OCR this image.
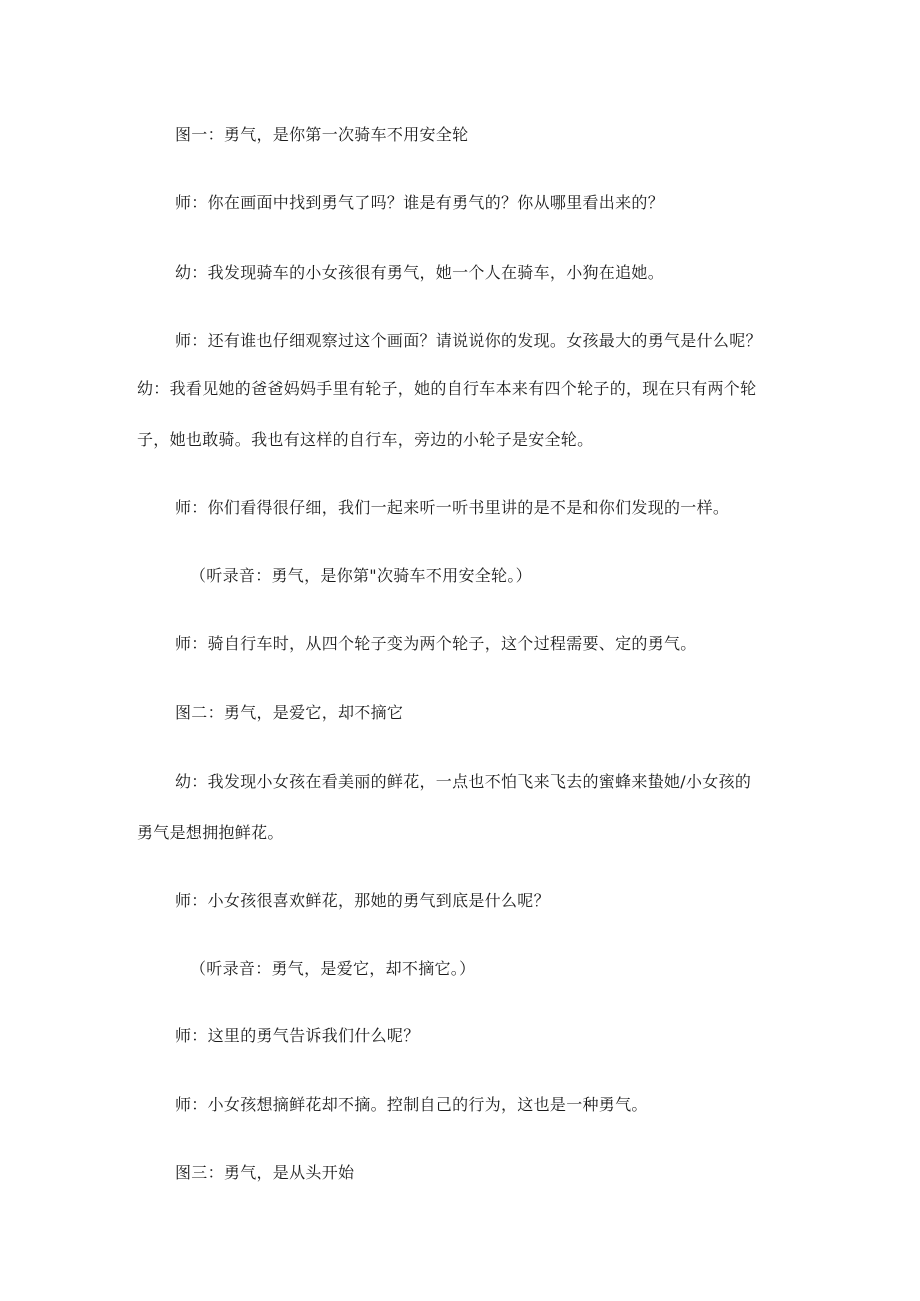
图一：勇气，是你第一次骑车不用安全轮
师：你在画面中找到勇气了吗？谁是有勇气的？你从哪里看出来的？
幼：我发现骑车的小女孩很有勇气，她一个人在骑车，小狗在追她。
师：还有谁也仔细观察过这个画面？请说说你的发现。女孩最大的勇气是什么呢？
幼：我看见她的爸爸妈妈手里有轮子，她的自行车本来有四个轮子的，现在只有两个轮
子，她也敢骑。我也有这样的自行车，旁边的小轮子是安全轮。
师：你们看得很仔细，我们一起来听一听书里讲的是不是和你们发现的一样。
（听录音：勇气，是你第"次骑车不用安全轮。）
师：骑自行车时，从四个轮子变为两个轮子，这个过程需要、定的勇气。
图二：勇气，是爱它，却不摘它
幼：我发现小女孩在看美丽的鲜花，一点也不怕飞来飞去的蜜蜂来蛰她/小女孩的
勇气是想拥抱鲜花。
师：小女孩很喜欢鲜花，那她的勇气到底是什么呢？
（听录音：勇气，是爱它，却不摘它。）
师：这里的勇气告诉我们什么呢？
师：小女孩想摘鲜花却不摘。控制自己的行为，这也是一种勇气。
图三：勇气，是从头开始
